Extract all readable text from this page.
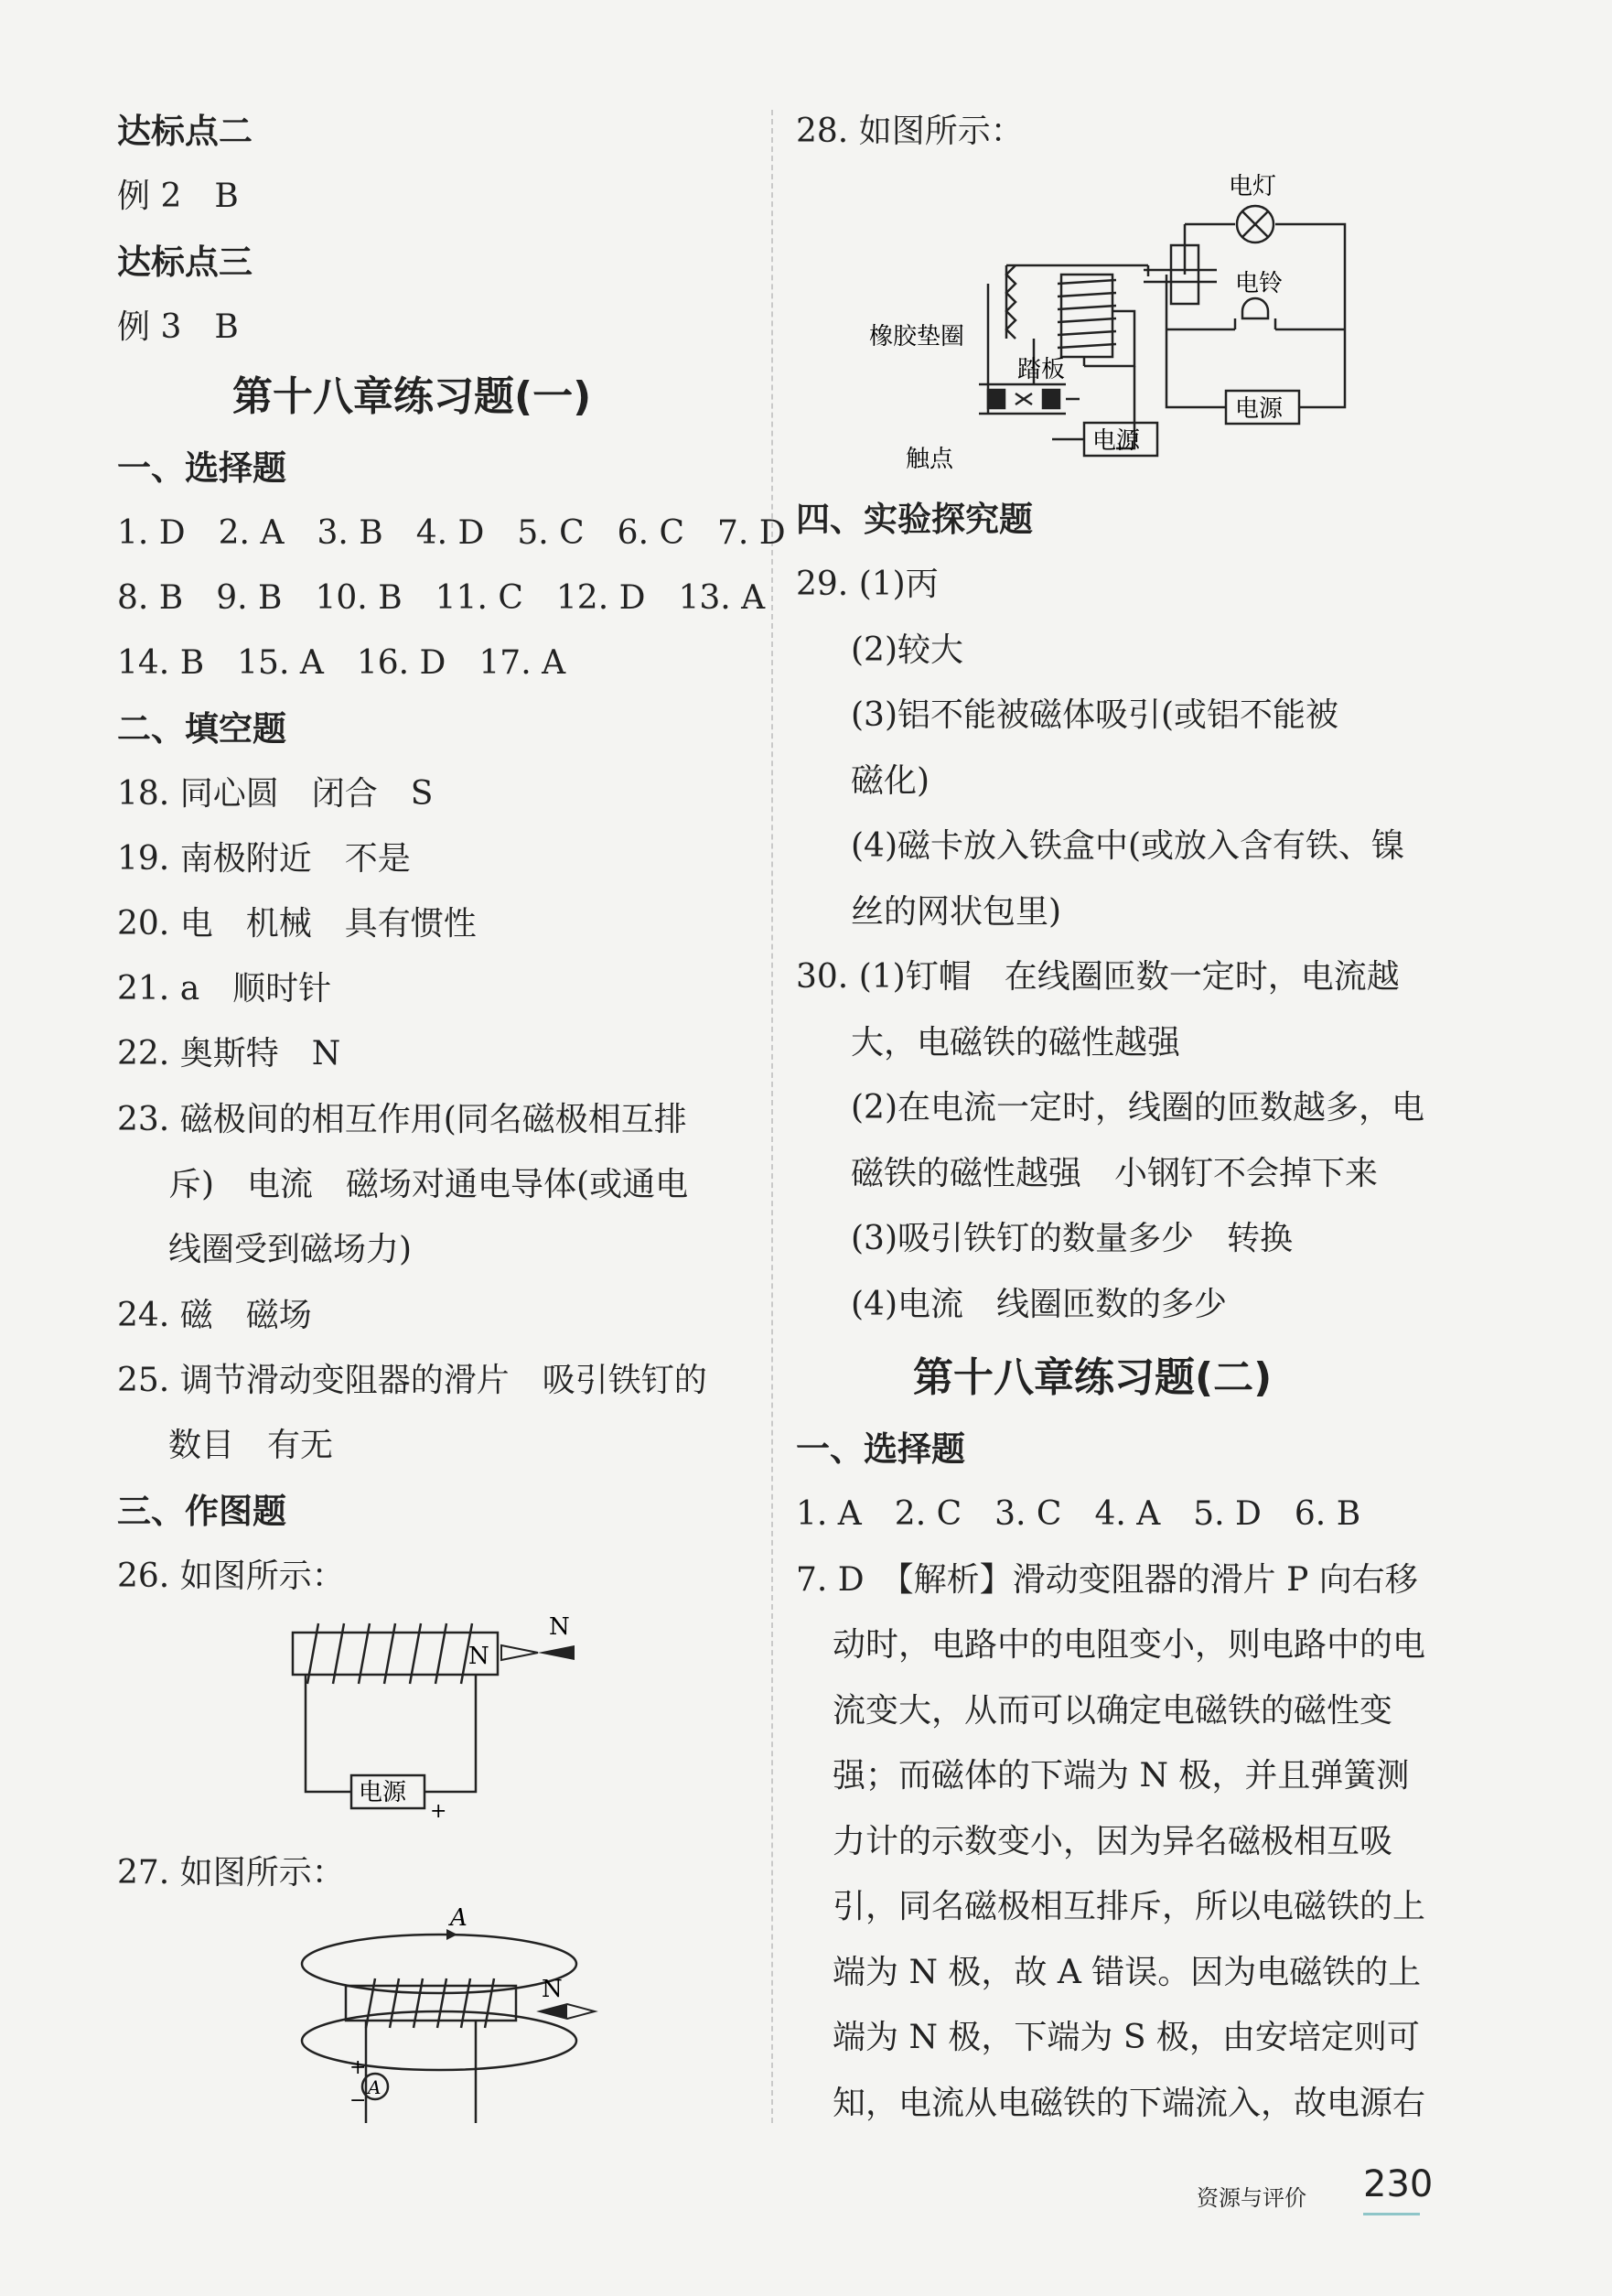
达标点二
例 2　B
达标点三
例 3　B
第十八章练习题(一)
一、选择题
1. D　2. A　3. B　4. D　5. C　6. C　7. D
8. B　9. B　10. B　11. C　12. D　13. A
14. B　15. A　16. D　17. A
二、填空题
18. 同心圆　闭合　S
19. 南极附近　不是
20. 电　机械　具有惯性
21. a　顺时针
22. 奥斯特　N
23. 磁极间的相互作用(同名磁极相互排
斥)　电流　磁场对通电导体(或通电
线圈受到磁场力)
24. 磁　磁场
25. 调节滑动变阻器的滑片　吸引铁钉的
数目　有无
三、作图题
26. 如图所示：
27. 如图所示：
N
N
电源
+
A
N
+
−
A
28. 如图所示：
四、实验探究题
29. (1)丙
(2)较大
(3)铝不能被磁体吸引(或铝不能被
磁化)
(4)磁卡放入铁盒中(或放入含有铁、镍
丝的网状包里)
30. (1)钉帽　在线圈匝数一定时，电流越
大，电磁铁的磁性越强
(2)在电流一定时，线圈的匝数越多，电
磁铁的磁性越强　小钢钉不会掉下来
(3)吸引铁钉的数量多少　转换
(4)电流　线圈匝数的多少
第十八章练习题(二)
一、选择题
1. A　2. C　3. C　4. A　5. D　6. B
7. D　【解析】滑动变阻器的滑片 P 向右移
动时，电路中的电阻变小，则电路中的电
流变大，从而可以确定电磁铁的磁性变
强；而磁体的下端为 N 极，并且弹簧测
力计的示数变小，因为异名磁极相互吸
引，同名磁极相互排斥，所以电磁铁的上
端为 N 极，故 A 错误。因为电磁铁的上
端为 N 极，下端为 S 极，由安培定则可
知，电流从电磁铁的下端流入，故电源右
电灯
电铃
橡胶垫圈
踏板
电源
触点
电源
资源与评价 230
